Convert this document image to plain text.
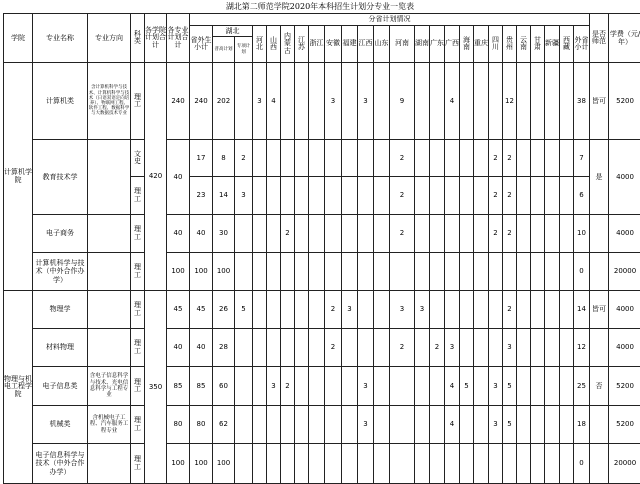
湖北第二师范学院2020年本科招生计划分专业一览表
学院	专业名称	专业方向	科类	各学院计划合计	各专业计划合计	分省计划情况																									是否师范	学费（元/年）
						省外生小计	湖北		河北	山西	内蒙古	江苏	浙江	安徽	福建	江西	山东	河南	湖南	广东	广西	海南	重庆	四川	贵州	云南	甘肃	新疆	西藏	外省小计		
							普高计划	专项计划																								
计算机学院	计算机类	含计算机科学与技术、计算机科学与技术（日语双语定向培养）、物联网工程、软件工程、数据科学与大数据技术专业	理工	420	240	240	202		3	4				3		3		9			4				12					38	皆可	5200
	教育技术学		文史		40	17	8	2										2						2	2					7	是	4000
			理工			23	14	3										2						2	2					6		
	电子商务		理工		40	40	30				2							2						2	2					10		4000
	计算机科学与技术（中外合作办学）		理工		100	100	100																							0		20000
物理与机电工程学院	物理学		理工	350	45	45	26	5						2	3			3	3						2					14	皆可	4000
	材料物理		理工		40	40	28							2				2		2	3				3					12		4000
	电子信息类	含电子信息科学与技术、光电信息科学与工程专业	理工		85	85	60			3	2					3					4	5		3	5					25	否	5200
	机械类	含机械电子工程、汽车服务工程专业	理工		80	80	62									3					4			3	5					18		5200
	电子信息科学与技术（中外合作办学）		理工		100	100	100																							0		20000
